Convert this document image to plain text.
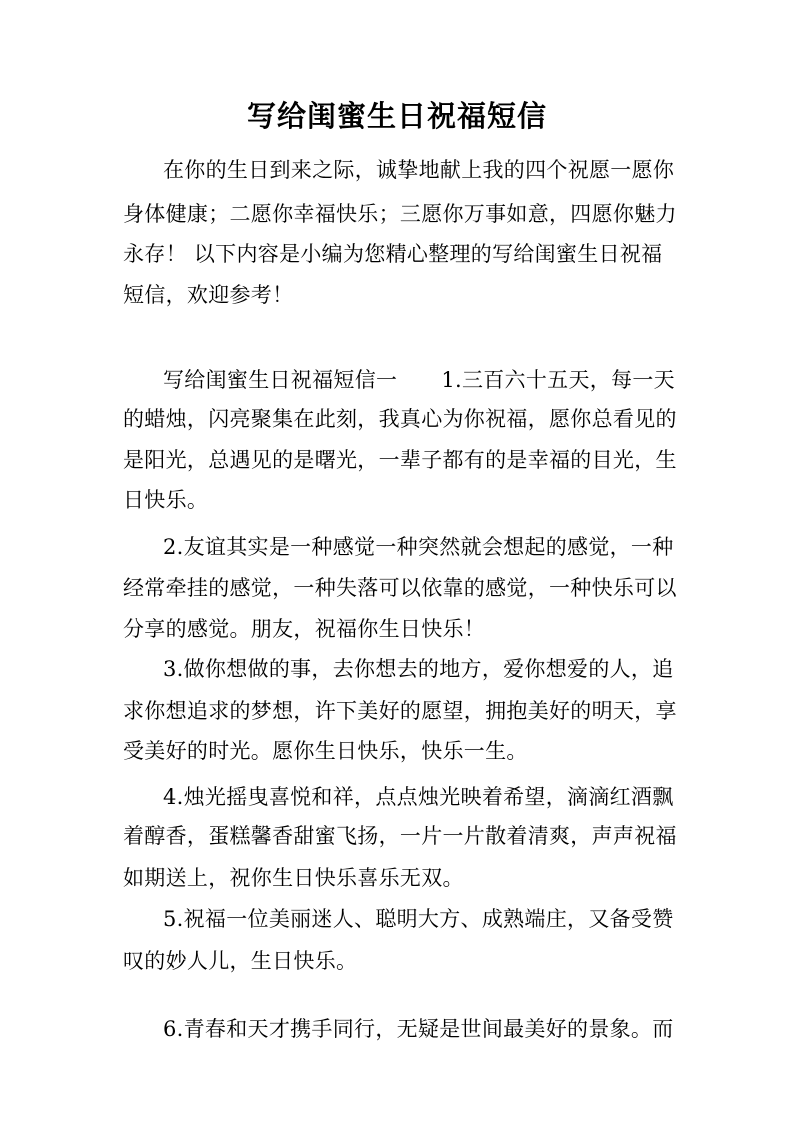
写给闺蜜生日祝福短信
在你的生日到来之际，诚挚地献上我的四个祝愿一愿你
身体健康；二愿你幸福快乐；三愿你万事如意，四愿你魅力
永存！ 以下内容是小编为您精心整理的写给闺蜜生日祝福
短信，欢迎参考！
写给闺蜜生日祝福短信一 1.三百六十五天，每一天
的蜡烛，闪亮聚集在此刻，我真心为你祝福，愿你总看见的
是阳光，总遇见的是曙光，一辈子都有的是幸福的目光，生
日快乐。
2.友谊其实是一种感觉一种突然就会想起的感觉，一种
经常牵挂的感觉，一种失落可以依靠的感觉，一种快乐可以
分享的感觉。朋友，祝福你生日快乐！
3.做你想做的事，去你想去的地方，爱你想爱的人，追
求你想追求的梦想，许下美好的愿望，拥抱美好的明天，享
受美好的时光。愿你生日快乐，快乐一生。
4.烛光摇曳喜悦和祥，点点烛光映着希望，滴滴红酒飘
着醇香，蛋糕馨香甜蜜飞扬，一片一片散着清爽，声声祝福
如期送上，祝你生日快乐喜乐无双。
5.祝福一位美丽迷人、聪明大方、成熟端庄，又备受赞
叹的妙人儿，生日快乐。
6.青春和天才携手同行，无疑是世间最美好的景象。而
